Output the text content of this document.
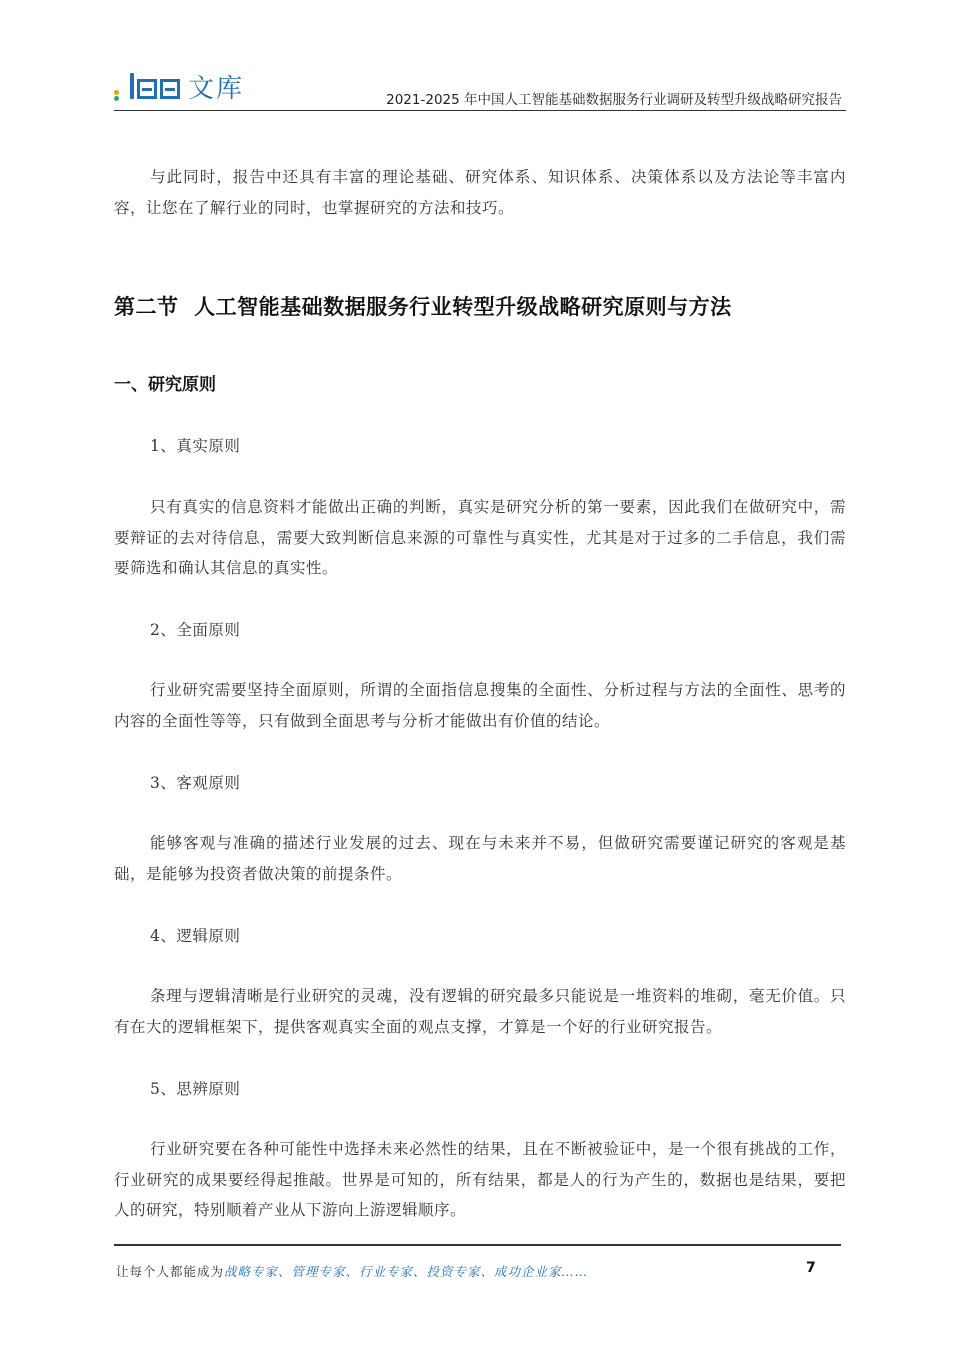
文库	2021-2025 年中国人工智能基础数据服务行业调研及转型升级战略研究报告

与此同时，报告中还具有丰富的理论基础、研究体系、知识体系、决策体系以及方法论等丰富内容，让您在了解行业的同时，也掌握研究的方法和技巧。

第二节  人工智能基础数据服务行业转型升级战略研究原则与方法
一、研究原则
1、真实原则

只有真实的信息资料才能做出正确的判断，真实是研究分析的第一要素，因此我们在做研究中，需要辩证的去对待信息，需要大致判断信息来源的可靠性与真实性，尤其是对于过多的二手信息，我们需要筛选和确认其信息的真实性。

2、全面原则

行业研究需要坚持全面原则，所谓的全面指信息搜集的全面性、分析过程与方法的全面性、思考的内容的全面性等等，只有做到全面思考与分析才能做出有价值的结论。

3、客观原则

能够客观与准确的描述行业发展的过去、现在与未来并不易，但做研究需要谨记研究的客观是基础，是能够为投资者做决策的前提条件。

4、逻辑原则

条理与逻辑清晰是行业研究的灵魂，没有逻辑的研究最多只能说是一堆资料的堆砌，毫无价值。只有在大的逻辑框架下，提供客观真实全面的观点支撑，才算是一个好的行业研究报告。

5、思辨原则

行业研究要在各种可能性中选择未来必然性的结果，且在不断被验证中，是一个很有挑战的工作，行业研究的成果要经得起推敲。世界是可知的，所有结果，都是人的行为产生的，数据也是结果，要把人的研究，特别顺着产业从下游向上游逻辑顺序。

让每个人都能成为战略专家、管理专家、行业专家、投资专家、成功企业家……	7
